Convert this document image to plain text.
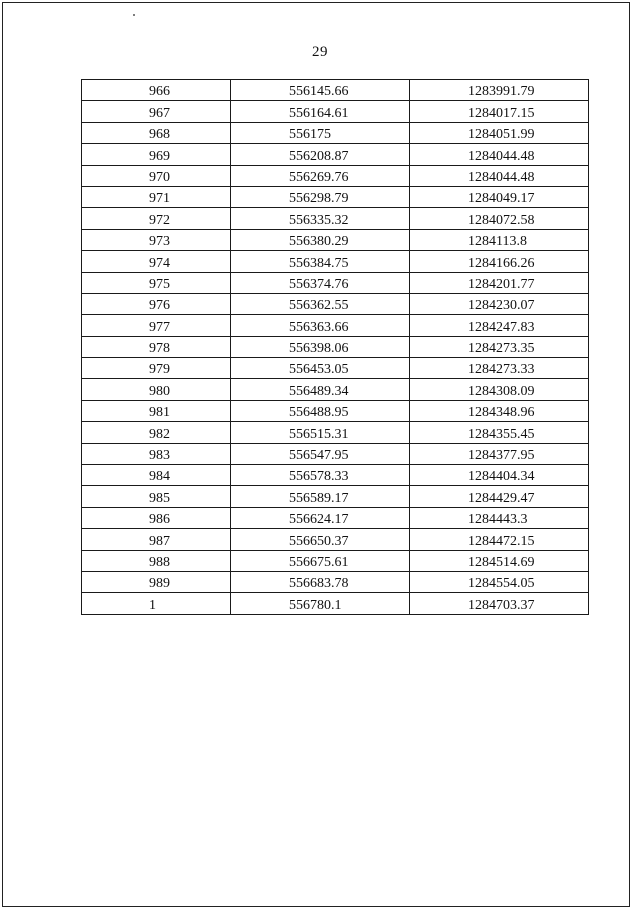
29
966	556145.66	1283991.79
967	556164.61	1284017.15
968	556175	1284051.99
969	556208.87	1284044.48
970	556269.76	1284044.48
971	556298.79	1284049.17
972	556335.32	1284072.58
973	556380.29	1284113.8
974	556384.75	1284166.26
975	556374.76	1284201.77
976	556362.55	1284230.07
977	556363.66	1284247.83
978	556398.06	1284273.35
979	556453.05	1284273.33
980	556489.34	1284308.09
981	556488.95	1284348.96
982	556515.31	1284355.45
983	556547.95	1284377.95
984	556578.33	1284404.34
985	556589.17	1284429.47
986	556624.17	1284443.3
987	556650.37	1284472.15
988	556675.61	1284514.69
989	556683.78	1284554.05
1	556780.1	1284703.37
